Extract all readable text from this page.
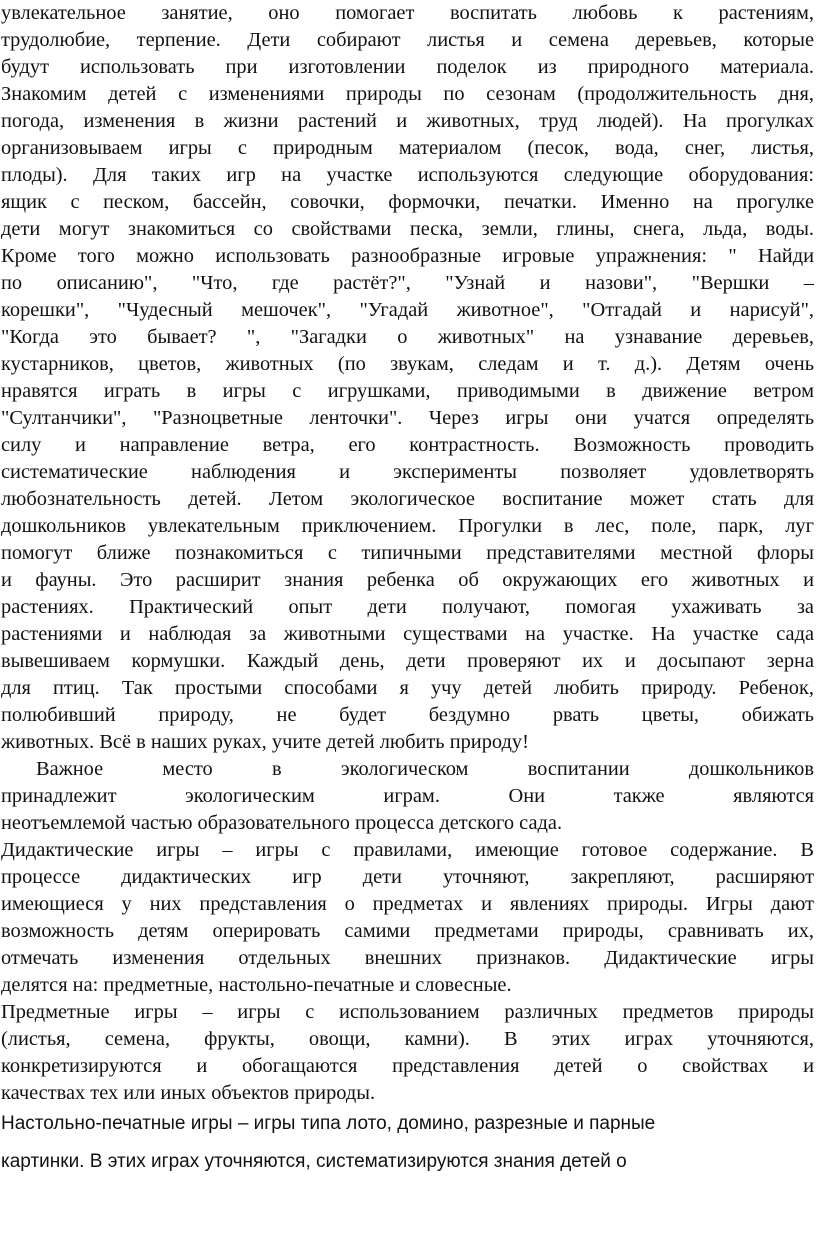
увлекательное занятие, оно помогает воспитать любовь к растениям,
трудолюбие, терпение. Дети собирают листья и семена деревьев, которые
будут использовать при изготовлении поделок из природного материала.
Знакомим детей с изменениями природы по сезонам (продолжительность дня,
погода, изменения в жизни растений и животных, труд людей). На прогулках
организовываем игры с природным материалом (песок, вода, снег, листья,
плоды). Для таких игр на участке используются следующие оборудования:
ящик с песком, бассейн, совочки, формочки, печатки. Именно на прогулке
дети могут знакомиться со свойствами песка, земли, глины, снега, льда, воды.
Кроме того можно использовать разнообразные игровые упражнения: " Найди
по описанию", "Что, где растёт?", "Узнай и назови", "Вершки –
корешки", "Чудесный мешочек", "Угадай животное", "Отгадай и нарисуй",
"Когда это бывает? ", "Загадки о животных" на узнавание деревьев,
кустарников, цветов, животных (по звукам, следам и т. д.). Детям очень
нравятся играть в игры с игрушками, приводимыми в движение ветром
"Султанчики", "Разноцветные ленточки". Через игры они учатся определять
силу и направление ветра, его контрастность. Возможность проводить
систематические наблюдения и эксперименты позволяет удовлетворять
любознательность детей. Летом экологическое воспитание может стать для
дошкольников увлекательным приключением. Прогулки в лес, поле, парк, луг
помогут ближе познакомиться с типичными представителями местной флоры
и фауны. Это расширит знания ребенка об окружающих его животных и
растениях. Практический опыт дети получают, помогая ухаживать за
растениями и наблюдая за животными существами на участке. На участке сада
вывешиваем кормушки. Каждый день, дети проверяют их и досыпают зерна
для птиц. Так простыми способами я учу детей любить природу. Ребенок,
полюбивший природу, не будет бездумно рвать цветы, обижать
животных. Всё в наших руках, учите детей любить природу!
Важное место в экологическом воспитании дошкольников
принадлежит экологическим играм. Они также являются
неотъемлемой частью образовательного процесса детского сада.
Дидактические игры – игры с правилами, имеющие готовое содержание. В
процессе дидактических игр дети уточняют, закрепляют, расширяют
имеющиеся у них представления о предметах и явлениях природы. Игры дают
возможность детям оперировать самими предметами природы, сравнивать их,
отмечать изменения отдельных внешних признаков. Дидактические игры
делятся на: предметные, настольно-печатные и словесные.
Предметные игры – игры с использованием различных предметов природы
(листья, семена, фрукты, овощи, камни). В этих играх уточняются,
конкретизируются и обогащаются представления детей о свойствах и
качествах тех или иных объектов природы.
Настольно-печатные игры – игры типа лото, домино, разрезные и парные
картинки. В этих играх уточняются, систематизируются знания детей о
